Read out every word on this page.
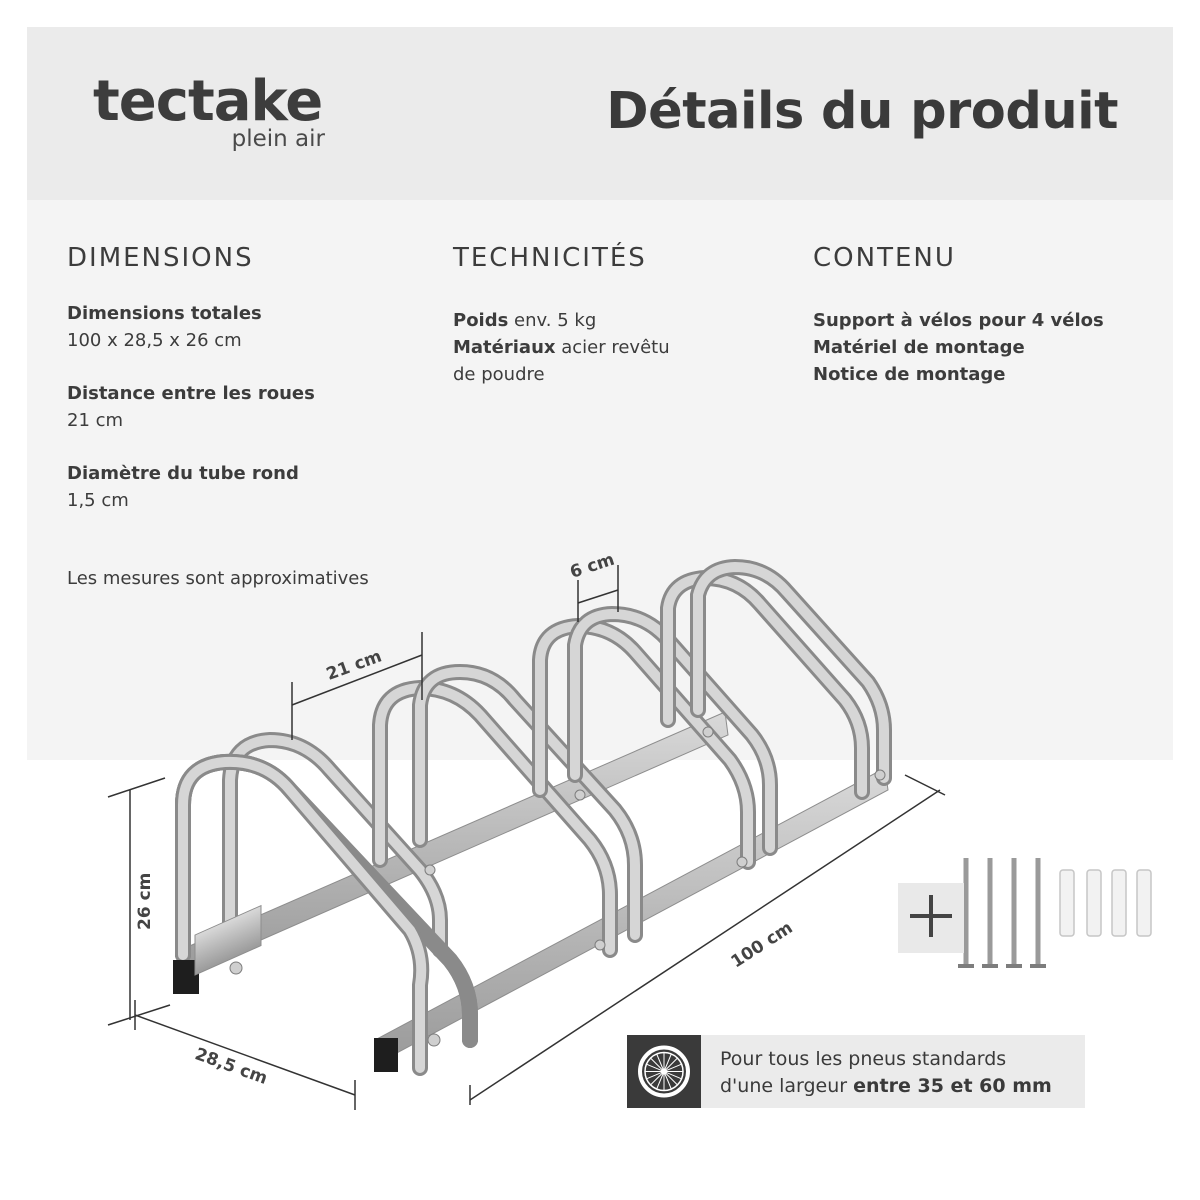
tectake
plein air	Détails du produit
DIMENSIONS
Dimensions totales
100 x 28,5 x 26 cm
Distance entre les roues
21 cm
Diamètre du tube rond
1,5 cm
TECHNICITÉS
Poids env. 5 kg
Matériaux acier revêtu
de poudre
CONTENU
Support à vélos pour 4 vélos
Matériel de montage
Notice de montage
Les mesures sont approximatives	6 cm
21 cm
26 cm
28,5 cm
100 cm
Pour tous les pneus standards
d'une largeur entre 35 et 60 mm
